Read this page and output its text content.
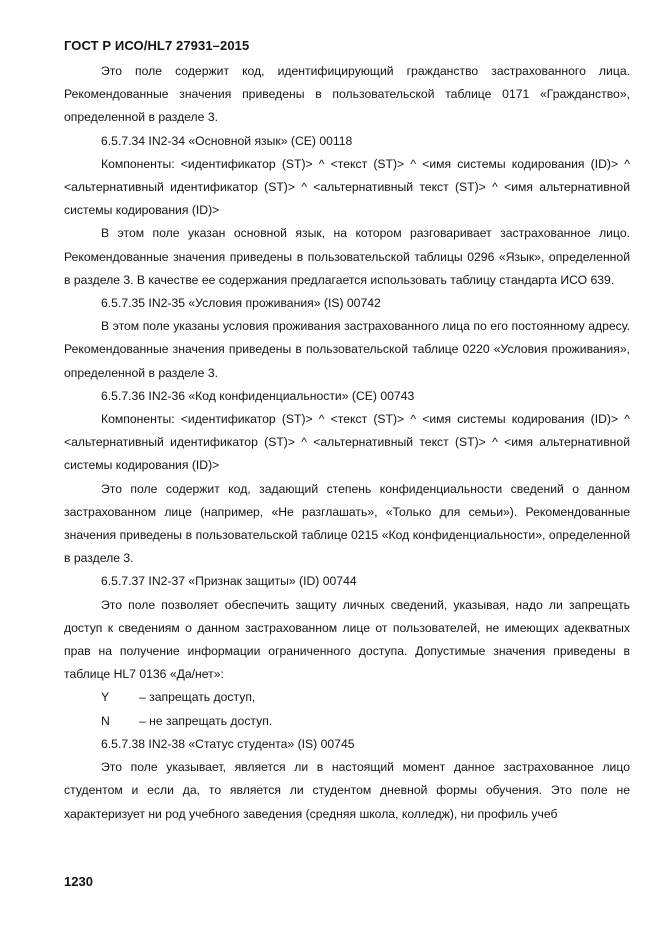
ГОСТ Р ИСО/HL7 27931–2015

Это поле содержит код, идентифицирующий гражданство застрахованного лица. Рекомендованные значения приведены в пользовательской таблице 0171 «Гражданство», определенной в разделе 3.

6.5.7.34 IN2-34 «Основной язык» (CE) 00118

Компоненты: <идентификатор (ST)> ^ <текст (ST)> ^ <имя системы кодирования (ID)> ^ <альтернативный идентификатор (ST)> ^ <альтернативный текст (ST)> ^ <имя альтернативной системы кодирования (ID)>

В этом поле указан основной язык, на котором разговаривает застрахованное лицо. Рекомендованные значения приведены в пользовательской таблицы 0296 «Язык», определенной в разделе 3. В качестве ее содержания предлагается использовать таблицу стандарта ИСО 639.

6.5.7.35 IN2-35 «Условия проживания» (IS) 00742

В этом поле указаны условия проживания застрахованного лица по его постоянному адресу. Рекомендованные значения приведены в пользовательской таблице 0220 «Условия проживания», определенной в разделе 3.

6.5.7.36 IN2-36 «Код конфиденциальности» (CE) 00743

Компоненты: <идентификатор (ST)> ^ <текст (ST)> ^ <имя системы кодирования (ID)> ^ <альтернативный идентификатор (ST)> ^ <альтернативный текст (ST)> ^ <имя альтернативной системы кодирования (ID)>

Это поле содержит код, задающий степень конфиденциальности сведений о данном застрахованном лице (например, «Не разглашать», «Только для семьи»). Рекомендованные значения приведены в пользовательской таблице 0215 «Код конфиденциальности», определенной в разделе 3.

6.5.7.37 IN2-37 «Признак защиты» (ID) 00744

Это поле позволяет обеспечить защиту личных сведений, указывая, надо ли запрещать доступ к сведениям о данном застрахованном лице от пользователей, не имеющих адекватных прав на получение информации ограниченного доступа. Допустимые значения приведены в таблице HL7 0136 «Да/нет»:

Y	– запрещать доступ,
N	– не запрещать доступ.

6.5.7.38 IN2-38 «Статус студента» (IS) 00745

Это поле указывает, является ли в настоящий момент данное застрахованное лицо студентом и если да, то является ли студентом дневной формы обучения. Это поле не характеризует ни род учебного заведения (средняя школа, колледж), ни профиль учеб

1230
